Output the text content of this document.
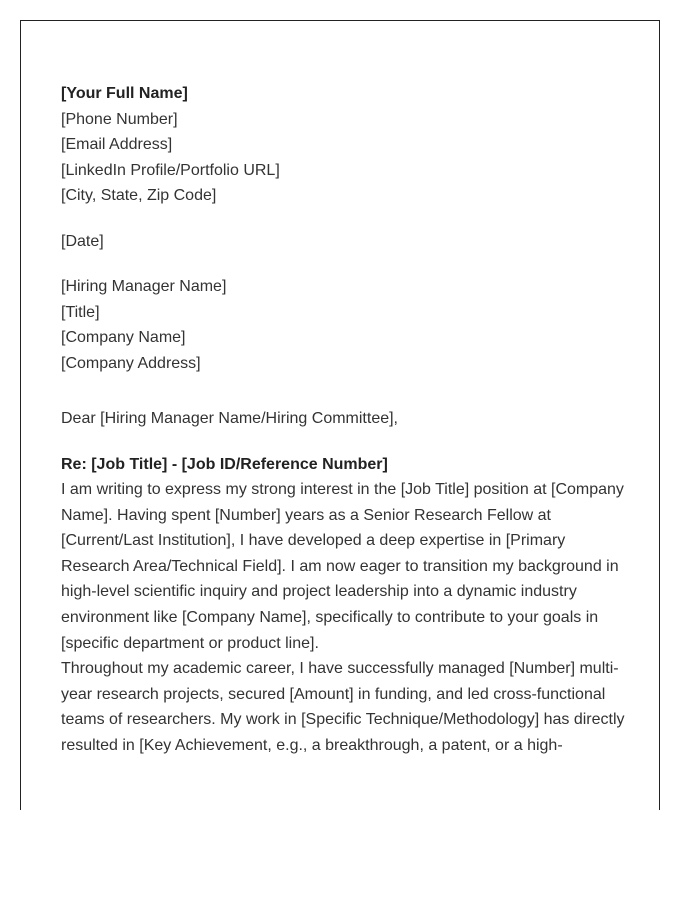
[Your Full Name]
[Phone Number]
[Email Address]
[LinkedIn Profile/Portfolio URL]
[City, State, Zip Code]
[Date]
[Hiring Manager Name]
[Title]
[Company Name]
[Company Address]
Dear [Hiring Manager Name/Hiring Committee],
Re: [Job Title] - [Job ID/Reference Number]

I am writing to express my strong interest in the [Job Title] position at [Company Name]. Having spent [Number] years as a Senior Research Fellow at [Current/Last Institution], I have developed a deep expertise in [Primary Research Area/Technical Field]. I am now eager to transition my background in high-level scientific inquiry and project leadership into a dynamic industry environment like [Company Name], specifically to contribute to your goals in [specific department or product line].

Throughout my academic career, I have successfully managed [Number] multi-year research projects, secured [Amount] in funding, and led cross-functional teams of researchers. My work in [Specific Technique/Methodology] has directly resulted in [Key Achievement, e.g., a breakthrough, a patent, or a high-
